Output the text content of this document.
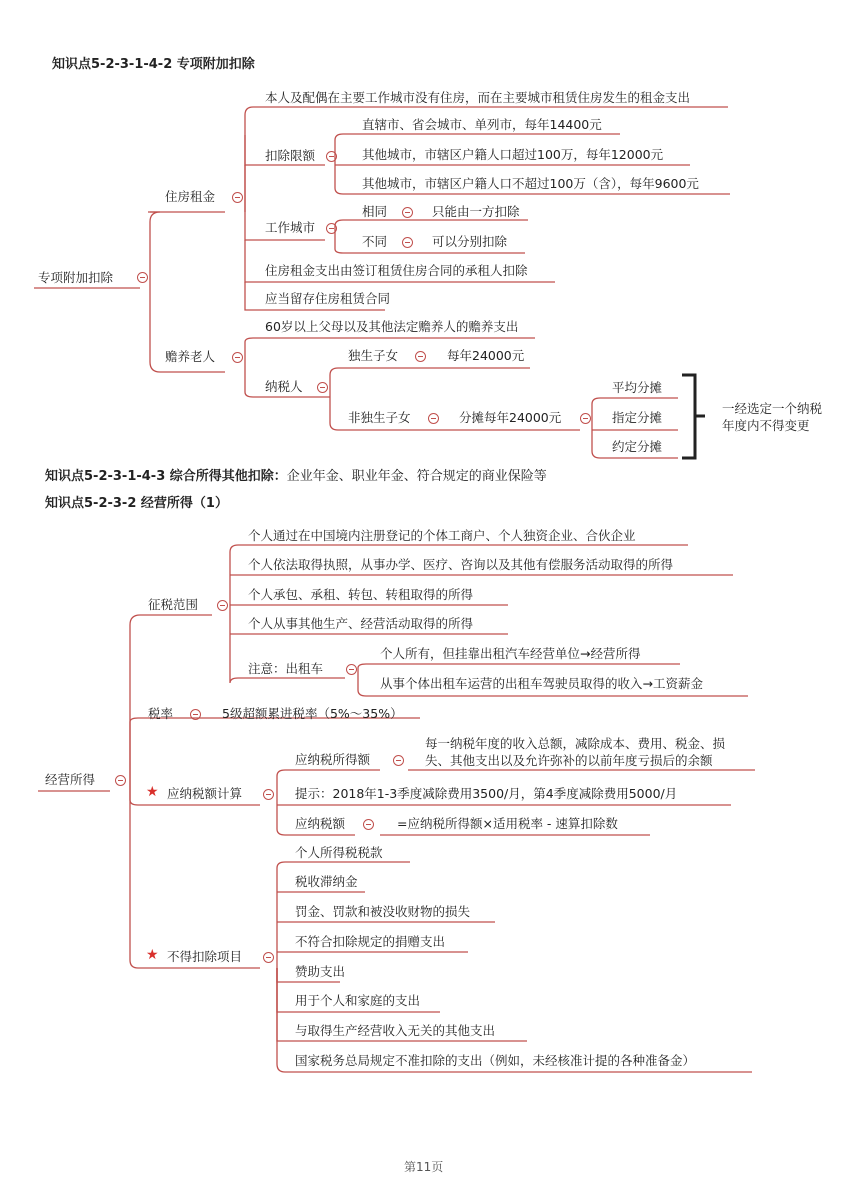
知识点5-2-3-1-4-2 专项附加扣除
知识点5-2-3-1-4-3 综合所得其他扣除：企业年金、职业年金、符合规定的商业保险等
知识点5-2-3-2 经营所得（1）
专项附加扣除
住房租金
本人及配偶在主要工作城市没有住房，而在主要城市租赁住房发生的租金支出
扣除限额
直辖市、省会城市、单列市，每年14400元
其他城市，市辖区户籍人口超过100万，每年12000元
其他城市，市辖区户籍人口不超过100万（含），每年9600元
工作城市
相同	只能由一方扣除
不同	可以分别扣除
住房租金支出由签订租赁住房合同的承租人扣除
应当留存住房租赁合同
赡养老人
60岁以上父母以及其他法定赡养人的赡养支出
纳税人
独生子女	每年24000元
非独生子女	分摊每年24000元
平均分摊
指定分摊
约定分摊
一经选定一个纳税
年度内不得变更
经营所得
征税范围
个人通过在中国境内注册登记的个体工商户、个人独资企业、合伙企业
个人依法取得执照，从事办学、医疗、咨询以及其他有偿服务活动取得的所得
个人承包、承租、转包、转租取得的所得
个人从事其他生产、经营活动取得的所得
注意：出租车
个人所有，但挂靠出租汽车经营单位→经营所得
从事个体出租车运营的出租车驾驶员取得的收入→工资薪金
税率	5级超额累进税率（5%～35%）
★ 应纳税额计算
应纳税所得额
每一纳税年度的收入总额，减除成本、费用、税金、损
失、其他支出以及允许弥补的以前年度亏损后的余额
提示：2018年1-3季度减除费用3500/月，第4季度减除费用5000/月
应纳税额	=应纳税所得额×适用税率 - 速算扣除数
★ 不得扣除项目
个人所得税税款
税收滞纳金
罚金、罚款和被没收财物的损失
不符合扣除规定的捐赠支出
赞助支出
用于个人和家庭的支出
与取得生产经营收入无关的其他支出
国家税务总局规定不准扣除的支出（例如，未经核准计提的各种准备金）
第11页
